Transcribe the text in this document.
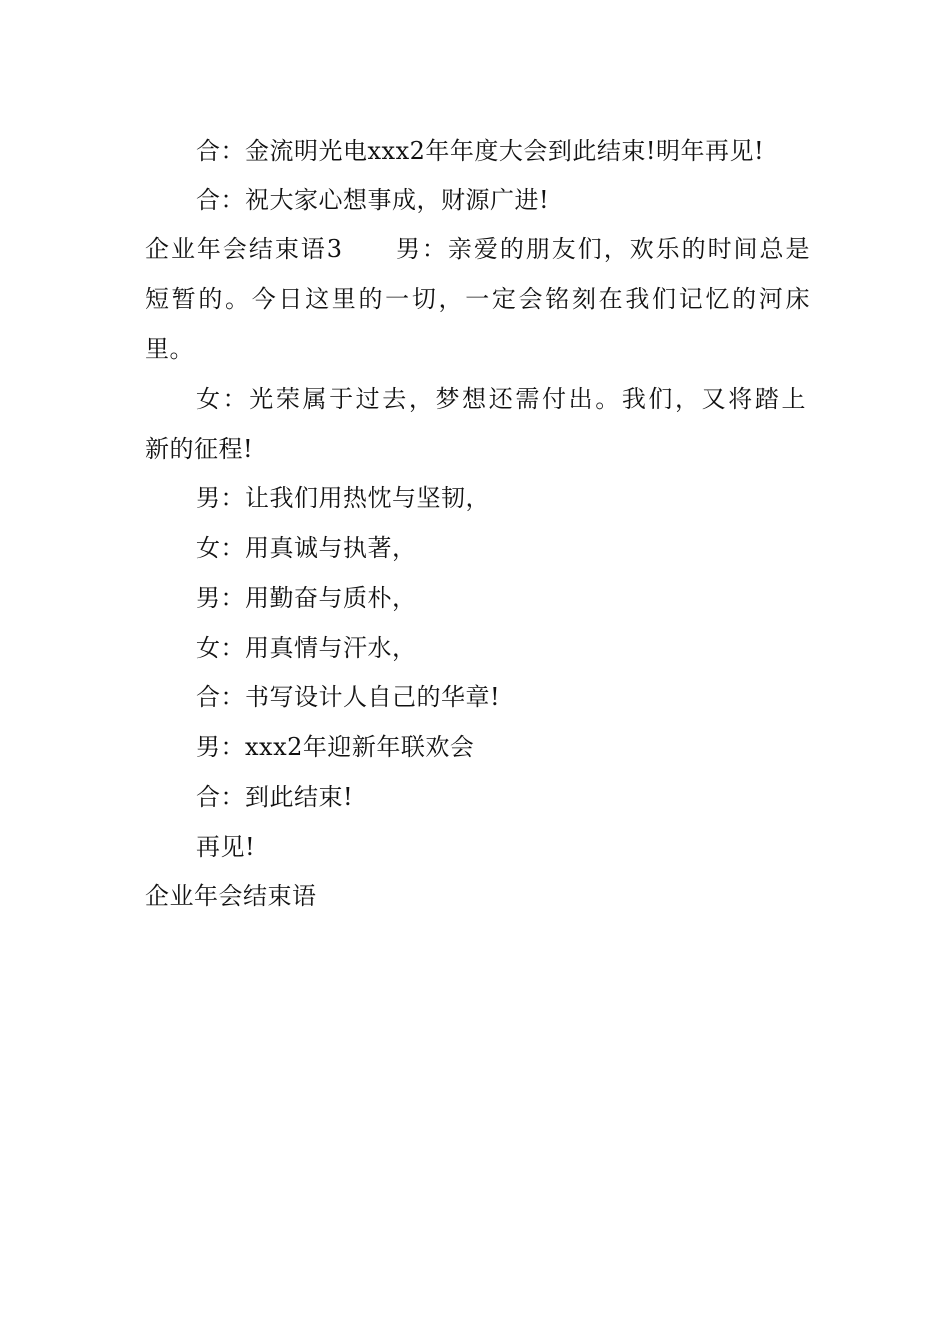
合：金流明光电xxx2年年度大会到此结束!明年再见!
合：祝大家心想事成，财源广进!
企业年会结束语3　　男：亲爱的朋友们，欢乐的时间总是
短暂的。今日这里的一切，一定会铭刻在我们记忆的河床
里。
女：光荣属于过去，梦想还需付出。我们，又将踏上
新的征程!
男：让我们用热忱与坚韧，
女：用真诚与执著，
男：用勤奋与质朴，
女：用真情与汗水，
合：书写设计人自己的华章!
男：xxx2年迎新年联欢会
合：到此结束!
再见!
企业年会结束语
